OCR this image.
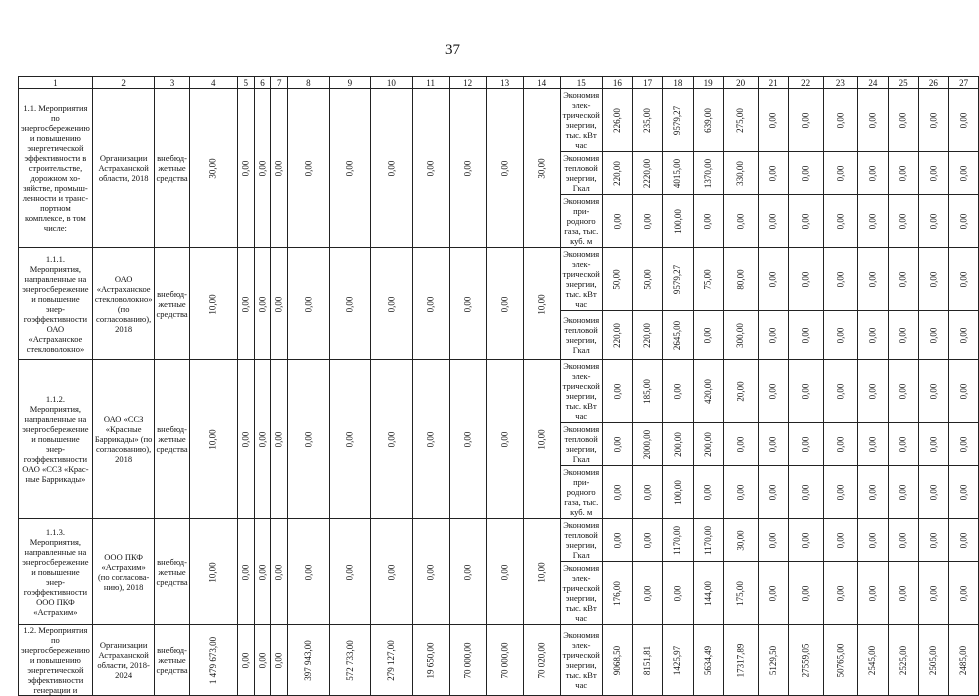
37
1	2	3	4	5	6	7	8	9	10	11	12	13	14	15	16	17	18	19	20	21	22	23	24	25	26	27
1.1. Мероприятия по энергосбережению и повышению энергетической эффективности в строительстве, дорожном хозяйстве, промышленности и транспортном комплексе, в том числе:	Организации Астраханской области, 2018	внебюджетные средства	30,00	0,00	0,00	0,00	0,00	0,00	0,00	0,00	0,00	0,00	30,00	Экономия электрической энергии, тыс. кВт час	226,00	235,00	9579,27	639,00	275,00	0,00	0,00	0,00	0,00	0,00	0,00	0,00
														Экономия тепловой энергии, Гкал	220,00	2220,00	4015,00	1370,00	330,00	0,00	0,00	0,00	0,00	0,00	0,00	0,00
														Экономия природного газа, тыс. куб. м	0,00	0,00	100,00	0,00	0,00	0,00	0,00	0,00	0,00	0,00	0,00	0,00
1.1.1. Мероприятия, направленные на энергосбережение и повышение энергоэффективности ОАО «Астраханское стекловолокно»	ОАО «Астраханское стекловолокно» (по согласованию), 2018	внебюджетные средства	10,00	0,00	0,00	0,00	0,00	0,00	0,00	0,00	0,00	0,00	10,00	Экономия электрической энергии, тыс. кВт час	50,00	50,00	9579,27	75,00	80,00	0,00	0,00	0,00	0,00	0,00	0,00	0,00
														Экономия тепловой энергии, Гкал	220,00	220,00	2645,00	0,00	300,00	0,00	0,00	0,00	0,00	0,00	0,00	0,00
1.1.2. Мероприятия, направленные на энергосбережение и повышение энергоэффективности ОАО «ССЗ «Красные Баррикады»	ОАО «ССЗ «Красные Баррикады» (по согласованию), 2018	внебюджетные средства	10,00	0,00	0,00	0,00	0,00	0,00	0,00	0,00	0,00	0,00	10,00	Экономия электрической энергии, тыс. кВт час	0,00	185,00	0,00	420,00	20,00	0,00	0,00	0,00	0,00	0,00	0,00	0,00
														Экономия тепловой энергии, Гкал	0,00	2000,00	200,00	200,00	0,00	0,00	0,00	0,00	0,00	0,00	0,00	0,00
														Экономия природного газа, тыс. куб. м	0,00	0,00	100,00	0,00	0,00	0,00	0,00	0,00	0,00	0,00	0,00	0,00
1.1.3. Мероприятия, направленные на энергосбережение и повышение энергоэффективности ООО ПКФ «Астрахим»	ООО ПКФ «Астрахим» (по согласованию), 2018	внебюджетные средства	10,00	0,00	0,00	0,00	0,00	0,00	0,00	0,00	0,00	0,00	10,00	Экономия тепловой энергии, Гкал	0,00	0,00	1170,00	1170,00	30,00	0,00	0,00	0,00	0,00	0,00	0,00	0,00
														Экономия электрической энергии, тыс. кВт час	176,00	0,00	0,00	144,00	175,00	0,00	0,00	0,00	0,00	0,00	0,00	0,00
1.2. Мероприятия по энергосбережению и повышению энергетической эффективности генерации и	Организации Астраханской области, 2018-2024	внебюджетные средства	1 479 673,00	0,00	0,00	0,00	397 943,00	572 733,00	279 127,00	19 650,00	70 000,00	70 000,00	70 020,00	Экономия электрической энергии, тыс. кВт час	9068,50	8151,81	1425,97	5634,49	17317,89	5129,50	27559,05	50765,00	2545,00	2525,00	2505,00	2485,00
